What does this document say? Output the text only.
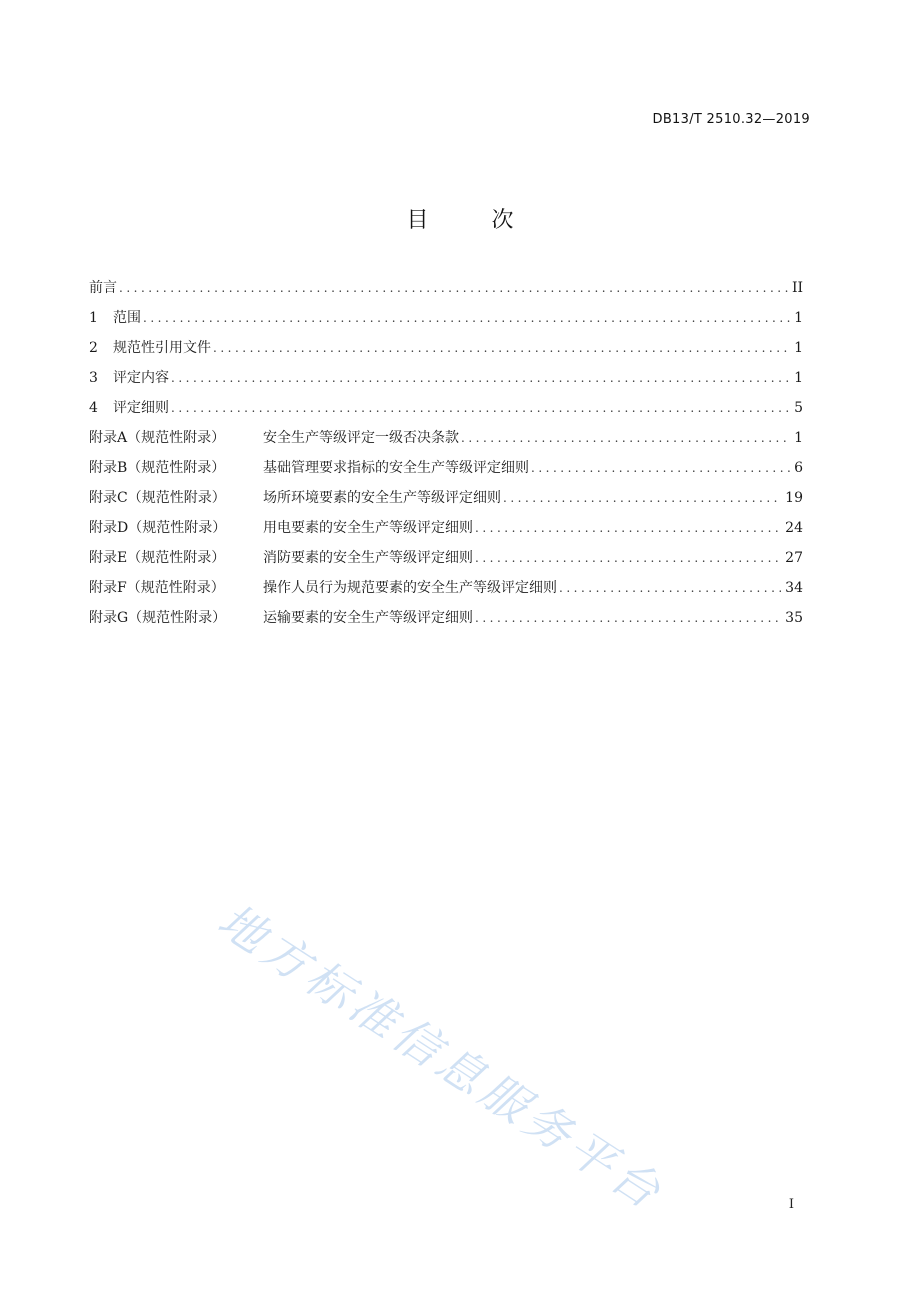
DB13/T 2510.32—2019
目 次
前言 .....	II
1	范围 .....	1
2	规范性引用文件 .....	1
3	评定内容 .....	1
4	评定细则 .....	5
附录A（规范性附录）	安全生产等级评定一级否决条款 .....	1
附录B（规范性附录）	基础管理要求指标的安全生产等级评定细则 .....	6
附录C（规范性附录）	场所环境要素的安全生产等级评定细则 .....	19
附录D（规范性附录）	用电要素的安全生产等级评定细则 .....	24
附录E（规范性附录）	消防要素的安全生产等级评定细则 .....	27
附录F（规范性附录）	操作人员行为规范要素的安全生产等级评定细则 .....	34
附录G（规范性附录）	运输要素的安全生产等级评定细则 .....	35
地方标准信息服务平台	I
